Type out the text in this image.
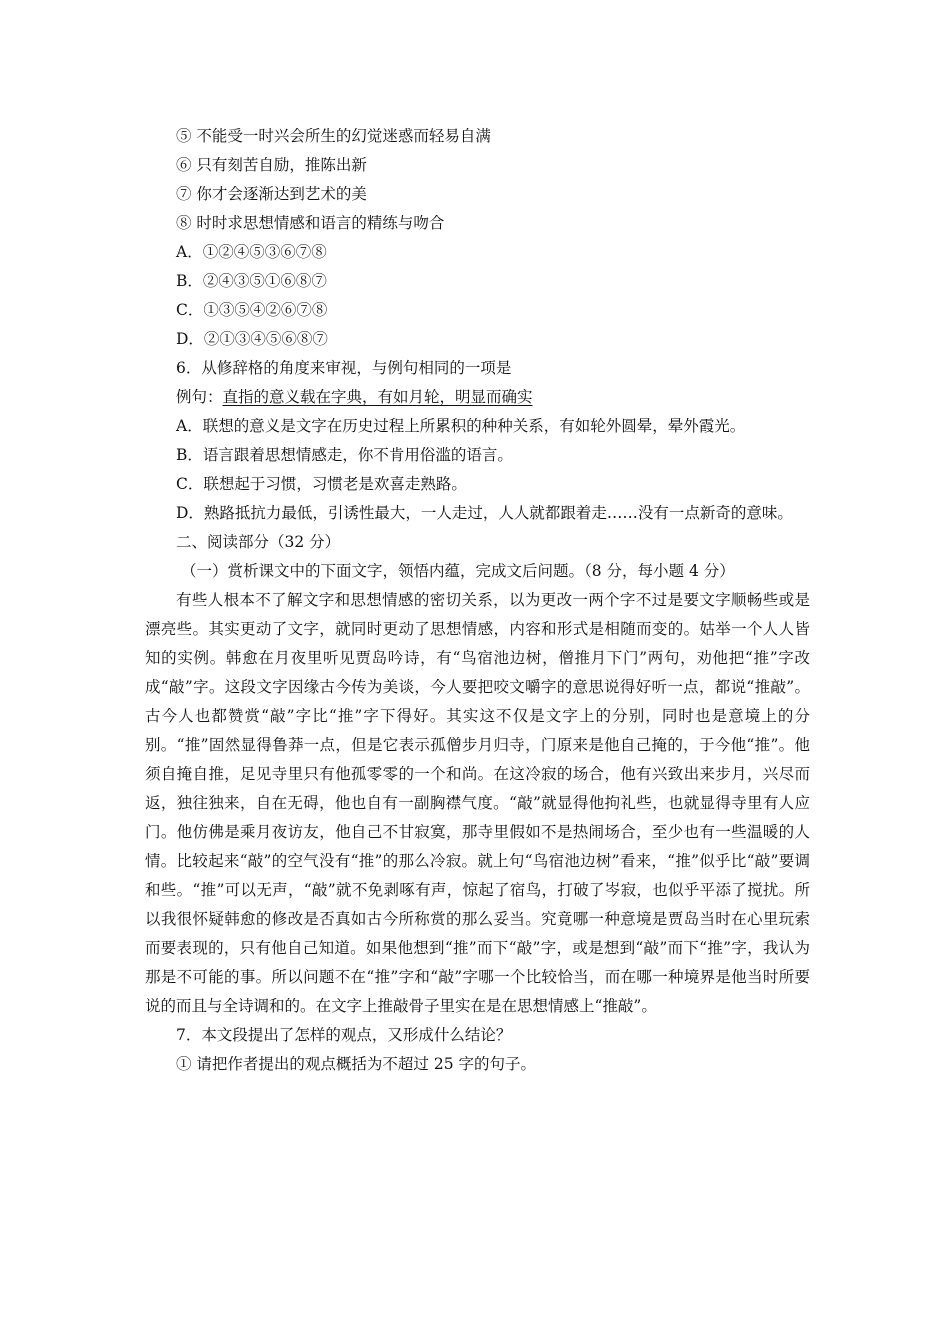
⑤ 不能受一时兴会所生的幻觉迷惑而轻易自满
⑥ 只有刻苦自励，推陈出新
⑦ 你才会逐渐达到艺术的美
⑧ 时时求思想情感和语言的精练与吻合
A．①②④⑤③⑥⑦⑧
B．②④③⑤①⑥⑧⑦
C．①③⑤④②⑥⑦⑧
D．②①③④⑤⑥⑧⑦
6．从修辞格的角度来审视，与例句相同的一项是
例句：直指的意义载在字典，有如月轮，明显而确实
A．联想的意义是文字在历史过程上所累积的种种关系，有如轮外圆晕，晕外霞光。
B．语言跟着思想情感走，你不肯用俗滥的语言。
C．联想起于习惯，习惯老是欢喜走熟路。

D．熟路抵抗力最低，引诱性最大，一人走过，人人就都跟着走……没有一点新奇的意味。

二、阅读部分（32 分）
（一）赏析课文中的下面文字，领悟内蕴，完成文后问题。（8 分，每小题 4 分）

有些人根本不了解文字和思想情感的密切关系，以为更改一两个字不过是要文字顺畅些或是漂亮些。其实更动了文字，就同时更动了思想情感，内容和形式是相随而变的。姑举一个人人皆知的实例。韩愈在月夜里听见贾岛吟诗，有“鸟宿池边树，僧推月下门”两句，劝他把“推”字改成“敲”字。这段文字因缘古今传为美谈，今人要把咬文嚼字的意思说得好听一点，都说“推敲”。古今人也都赞赏“敲”字比“推”字下得好。其实这不仅是文字上的分别，同时也是意境上的分别。“推”固然显得鲁莽一点，但是它表示孤僧步月归寺，门原来是他自己掩的，于今他“推”。他须自掩自推，足见寺里只有他孤零零的一个和尚。在这冷寂的场合，他有兴致出来步月，兴尽而返，独往独来，自在无碍，他也自有一副胸襟气度。“敲”就显得他拘礼些，也就显得寺里有人应门。他仿佛是乘月夜访友，他自己不甘寂寞，那寺里假如不是热闹场合，至少也有一些温暖的人情。比较起来“敲”的空气没有“推”的那么冷寂。就上句“鸟宿池边树”看来，“推”似乎比“敲”要调和些。“推”可以无声，“敲”就不免剥啄有声，惊起了宿鸟，打破了岑寂，也似乎平添了搅扰。所以我很怀疑韩愈的修改是否真如古今所称赏的那么妥当。究竟哪一种意境是贾岛当时在心里玩索而要表现的，只有他自己知道。如果他想到“推”而下“敲”字，或是想到“敲”而下“推”字，我认为那是不可能的事。所以问题不在“推”字和“敲”字哪一个比较恰当，而在哪一种境界是他当时所要说的而且与全诗调和的。在文字上推敲骨子里实在是在思想情感上“推敲”。

7．本文段提出了怎样的观点，又形成什么结论？
① 请把作者提出的观点概括为不超过 25 字的句子。
